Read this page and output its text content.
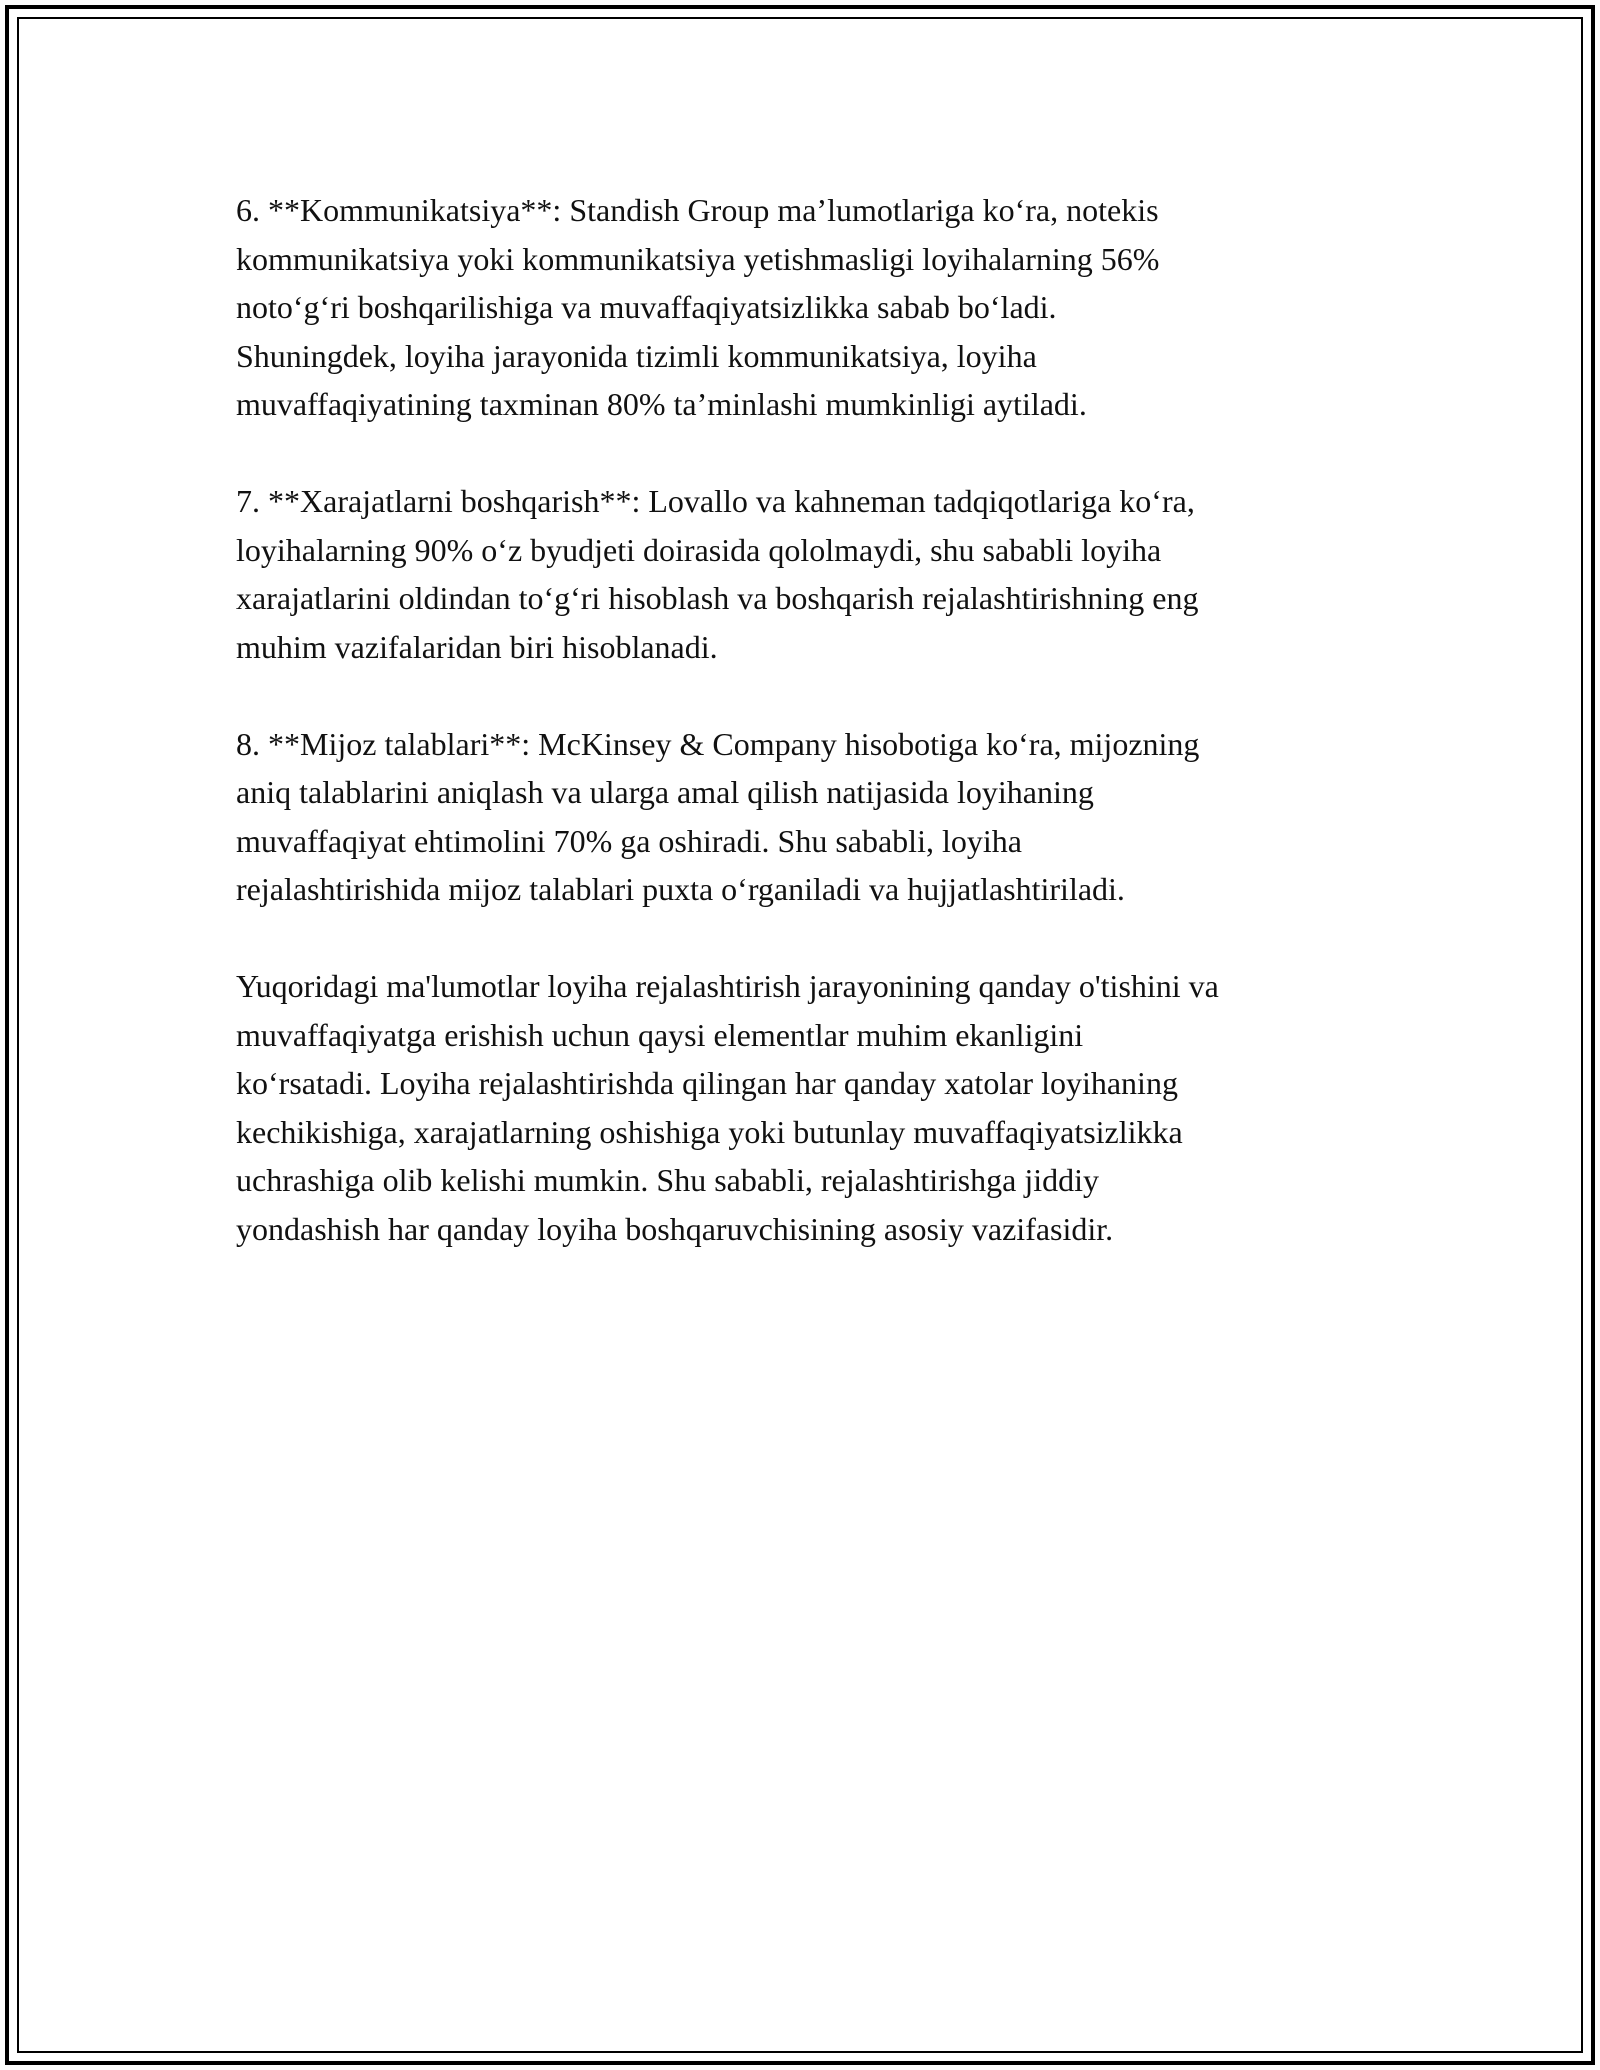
6. **Kommunikatsiya**: Standish Group ma’lumotlariga ko‘ra, notekis
kommunikatsiya yoki kommunikatsiya yetishmasligi loyihalarning 56%
noto‘g‘ri boshqarilishiga va muvaffaqiyatsizlikka sabab bo‘ladi.
Shuningdek, loyiha jarayonida tizimli kommunikatsiya, loyiha
muvaffaqiyatining taxminan 80% ta’minlashi mumkinligi aytiladi.

7. **Xarajatlarni boshqarish**: Lovallo va kahneman tadqiqotlariga ko‘ra,
loyihalarning 90% o‘z byudjeti doirasida qololmaydi, shu sababli loyiha
xarajatlarini oldindan to‘g‘ri hisoblash va boshqarish rejalashtirishning eng
muhim vazifalaridan biri hisoblanadi.

8. **Mijoz talablari**: McKinsey & Company hisobotiga ko‘ra, mijozning
aniq talablarini aniqlash va ularga amal qilish natijasida loyihaning
muvaffaqiyat ehtimolini 70% ga oshiradi. Shu sababli, loyiha
rejalashtirishida mijoz talablari puxta o‘rganiladi va hujjatlashtiriladi.

Yuqoridagi ma'lumotlar loyiha rejalashtirish jarayonining qanday o'tishini va
muvaffaqiyatga erishish uchun qaysi elementlar muhim ekanligini
ko‘rsatadi. Loyiha rejalashtirishda qilingan har qanday xatolar loyihaning
kechikishiga, xarajatlarning oshishiga yoki butunlay muvaffaqiyatsizlikka
uchrashiga olib kelishi mumkin. Shu sababli, rejalashtirishga jiddiy
yondashish har qanday loyiha boshqaruvchisining asosiy vazifasidir.
